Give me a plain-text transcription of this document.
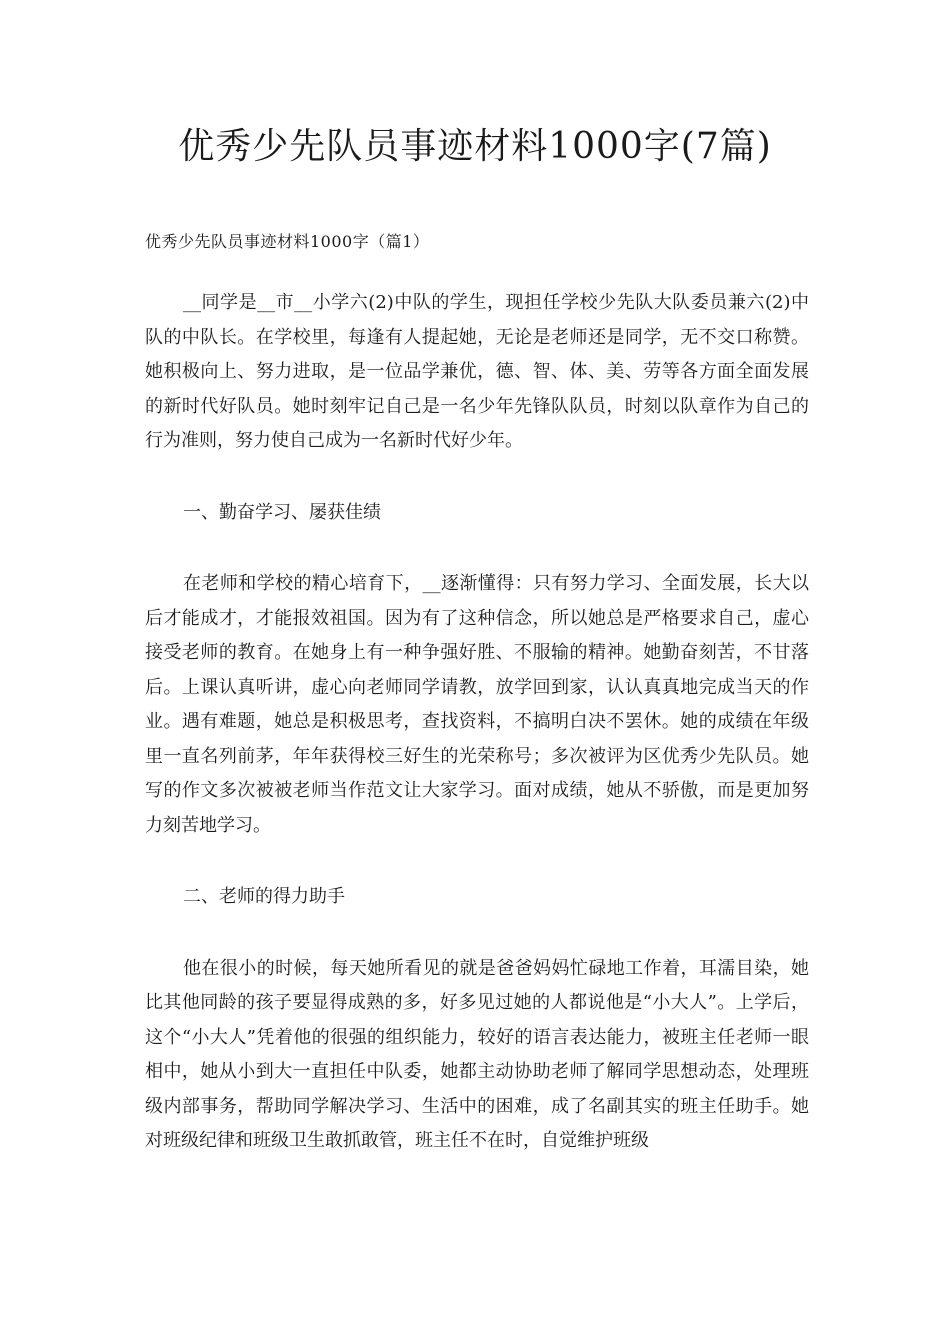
优秀少先队员事迹材料1000字(7篇)

优秀少先队员事迹材料1000字（篇1）

__同学是__市__小学六(2)中队的学生，现担任学校少先队大队委员兼六(2)中队的中队长。在学校里，每逢有人提起她，无论是老师还是同学，无不交口称赞。她积极向上、努力进取，是一位品学兼优，德、智、体、美、劳等各方面全面发展的新时代好队员。她时刻牢记自己是一名少年先锋队队员，时刻以队章作为自己的行为准则，努力使自己成为一名新时代好少年。

一、勤奋学习、屡获佳绩

在老师和学校的精心培育下，__逐渐懂得：只有努力学习、全面发展，长大以后才能成才，才能报效祖国。因为有了这种信念，所以她总是严格要求自己，虚心接受老师的教育。在她身上有一种争强好胜、不服输的精神。她勤奋刻苦，不甘落后。上课认真听讲，虚心向老师同学请教，放学回到家，认认真真地完成当天的作业。遇有难题，她总是积极思考，查找资料，不搞明白决不罢休。她的成绩在年级里一直名列前茅，年年获得校三好生的光荣称号；多次被评为区优秀少先队员。她写的作文多次被被老师当作范文让大家学习。面对成绩，她从不骄傲，而是更加努力刻苦地学习。

二、老师的得力助手

他在很小的时候，每天她所看见的就是爸爸妈妈忙碌地工作着，耳濡目染，她比其他同龄的孩子要显得成熟的多，好多见过她的人都说他是“小大人”。上学后，这个“小大人”凭着他的很强的组织能力，较好的语言表达能力，被班主任老师一眼相中，她从小到大一直担任中队委，她都主动协助老师了解同学思想动态，处理班级内部事务，帮助同学解决学习、生活中的困难，成了名副其实的班主任助手。她对班级纪律和班级卫生敢抓敢管，班主任不在时，自觉维护班级
